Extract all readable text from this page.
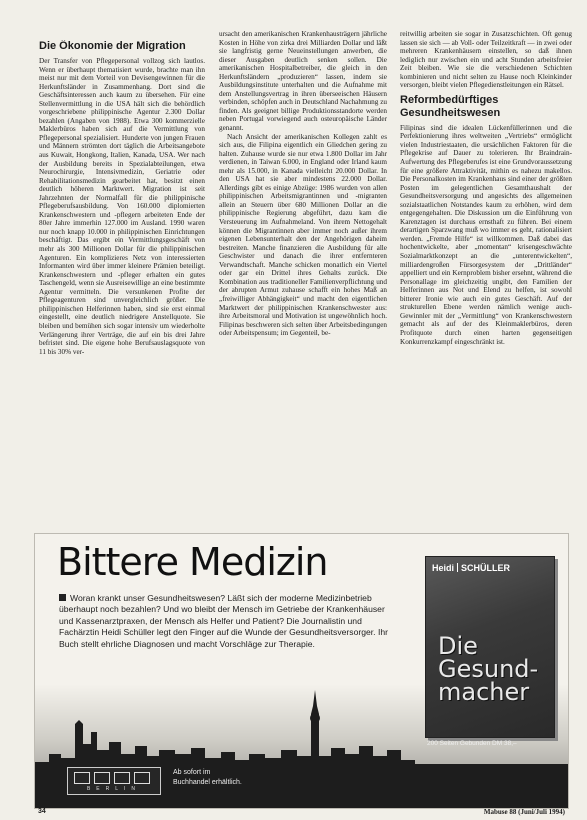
Die Ökonomie der Migration

Der Transfer von Pflegepersonal vollzog sich lautlos. Wenn er überhaupt thematisiert wurde, brachte man ihn meist nur mit dem Vorteil von Devisengewinnen für die Herkunftsländer in Zusammenhang. Dort sind die Geschäftsinteressen auch kaum zu übersehen. Für eine Stellenvermittlung in die USA hält sich die behördlich vorgeschriebene philippinische Agentur 2.300 Dollar bezahlen (Angaben von 1988). Etwa 300 kommerzielle Maklerbüros haben sich auf die Vermittlung von Pflegepersonal spezialisiert. Hunderte von jungen Frauen und Männern strömten dort täglich die Arbeitsangebote aus Kuwait, Hongkong, Italien, Kanada, USA. Wer nach der Ausbildung bereits in Spezialabteilungen, etwa Neurochirurgie, Intensivmedizin, Geriatrie oder Rehabilitationsmedizin gearbeitet hat, besitzt einen deutlich höheren Marktwert. Migration ist seit Jahrzehnten der Normalfall für die philippinische Pflegeberufsausbildung. Von 160.000 diplomierten Krankenschwestern und -pflegern arbeiteten Ende der 80er Jahre immerhin 127.000 im Ausland. 1990 waren nur noch knapp 10.000 in philippinischen Einrichtungen beschäftigt. Das ergibt ein Vermittlungsgeschäft von mehr als 300 Millionen Dollar für die philippinischen Agenturen. Ein komplizieres Netz von interessierten Informanten wird über immer kleinere Prämien beteiligt. Krankenschwestern und -pfleger erhalten ein gutes Taschengeld, wenn sie Ausreisewillige an eine bestimmte Agentur vermitteln. Die versunkenen Profite der Pflegeagenturen sind unvergleichlich größer. Die philippinischen Helferinnen haben, sind sie erst einmal eingestellt, eine deutlich niedrigere Anstellquote. Sie bleiben und bemühen sich sogar intensiv um wiederholte Verlängerung ihrer Verträge, die auf ein bis drei Jahre befristet sind. Die eigene hohe Berufsauslagsquote von 11 bis 30% ver-

ursacht den amerikanischen Krankenhausträgern jährliche Kosten in Höhe von zirka drei Milliarden Dollar und läßt sie langfristig gerne Neueinstellungen anwerben, die dieser Ausgaben deutlich senken sollen. Die amerikanischen Hospitalbetreiber, die gleich in den Herkunftsländern „produzieren“ lassen, indem sie Ausbildungsinstitute unterhalten und die Aufnahme mit dem Anstellungsvertrag in ihren überseeischen Häusern verbinden, schöpfen auch in Deutschland Nachahmung zu finden. Als geeignet billige Produktionsstandorte werden neben Portugal vorwiegend auch osteuropäische Länder genannt.

Nach Ansicht der amerikanischen Kollegen zahlt es sich aus, die Filipina eigentlich ein Gliedchen gering zu halten. Zuhause wurde sie nur etwa 1.800 Dollar im Jahr verdienen, in Taiwan 6.000, in England oder Irland kaum mehr als 15.000, in Kanada vielleicht 20.000 Dollar. In den USA hat sie aber mindestens 22.000 Dollar. Allerdings gibt es einige Abzüge: 1986 wurden von allen philippinischen Arbeitsmigrantinnen und -migranten allein an Steuern über 680 Millionen Dollar an die philippinische Regierung abgeführt, dazu kam die Versteuerung im Aufnahmeland. Von ihrem Nettogehalt können die Migrantinnen aber immer noch außer ihrem eigenen Lebensunterhalt den der Angehörigen daheim bestreiten. Manche finanzieren die Ausbildung für alle Geschwister und danach die ihrer entfernteren Verwandtschaft. Manche schicken monatlich ein Viertel oder gar ein Drittel ihres Gehalts zurück. Die Kombination aus traditioneller Familienverpflichtung und der abrupten Armut zuhause schafft ein hohes Maß an „freiwilliger Abhängigkeit“ und macht den eigentlichen Marktwert der philippinischen Krankenschwester aus: ihre Arbeitsmoral und Motivation ist ungewöhnlich hoch. Filipinas beschweren sich selten über Arbeitsbedingungen oder Arbeitspensum; im Gegenteil, be-

reitwillig arbeiten sie sogar in Zusatzschichten. Oft genug lassen sie sich — ab Voll- oder Teilzeitkraft — in zwei oder mehreren Krankenhäusern einstellen, so daß ihnen lediglich nur zwischen ein und acht Stunden arbeitsfreier Zeit bleiben. Wie sie die verschiedenen Schichten kombinieren und nicht selten zu Hause noch Kleinkinder versorgen, bleibt vielen Pflegedienstleitungen ein Rätsel.

Reformbedürftiges Gesundheitswesen

Filipinas sind die idealen Lückenfüllerinnen und die Perfektionierung ihres weltweiten „Vertriebs“ ermöglicht vielen Industriestaaten, die ursächlichen Faktoren für die Pflegekrise auf Dauer zu tolerieren. Ihr Braindrain-Aufwertung des Pflegeberufes ist eine Grundvoraussetzung für eine größere Attraktivität, mithin es nahezu makellos. Die Personalkosten im Krankenhaus sind einer der größten Posten im gelegentlichen Gesamthaushalt der Gesundheitsversorgung und angesichts des allgemeinen sozialstaatlichen Notstandes kaum zu erhöhen, wird dem entgegengehalten. Die Diskussion um die Einführung von Karenztagen ist durchaus ernsthaft zu führen. Bei einem derartigen Sparzwang muß wo immer es geht, rationalisiert werden. „Fremde Hilfe“ ist willkommen. Daß dabei das hochentwickelte, aber „momentan“ krisengeschwächte Sozialmarktkonzept an die „unterentwickelten“, milliardengroßen Fürsorgesystem der „Drittländer“ appelliert und ein Kernproblem bisher ersehnt, während die Personallage im gleichzeitig ungibt, den Familien der Helferinnen aus Not und Elend zu helfen, ist sowohl bitterer Ironie wie auch ein gutes Geschäft. Auf der strukturellen Ebene werden nämlich wenige auch-Gewinnler mit der „Vermittlung“ von Krankenschwestern gemacht als auf der des Kleinmaklerbüros, deren Profitquote durch einen harten gegenseitigen Konkurrenzkampf eingeschränkt ist.

Bittere Medizin

Woran krankt unser Gesundheitswesen? Läßt sich der moderne Medizinbetrieb überhaupt noch bezahlen? Und wo bleibt der Mensch im Getriebe der Krankenhäuser und Kassenarztpraxen, der Mensch als Helfer und Patient? Die Journalistin und Fachärztin Heidi Schüller legt den Finger auf die Wunde der Gesundheitsversorger. Ihr Buch stellt ehrliche Diagnosen und macht Vorschläge zur Therapie.

Heidi SCHÜLLER
Die
Gesund-
macher
200 Seiten Gebunden DM 38,–
BERLIN
Ab sofort im
Buchhandel erhältlich.
34	Mabuse 88 (Juni/Juli 1994)
